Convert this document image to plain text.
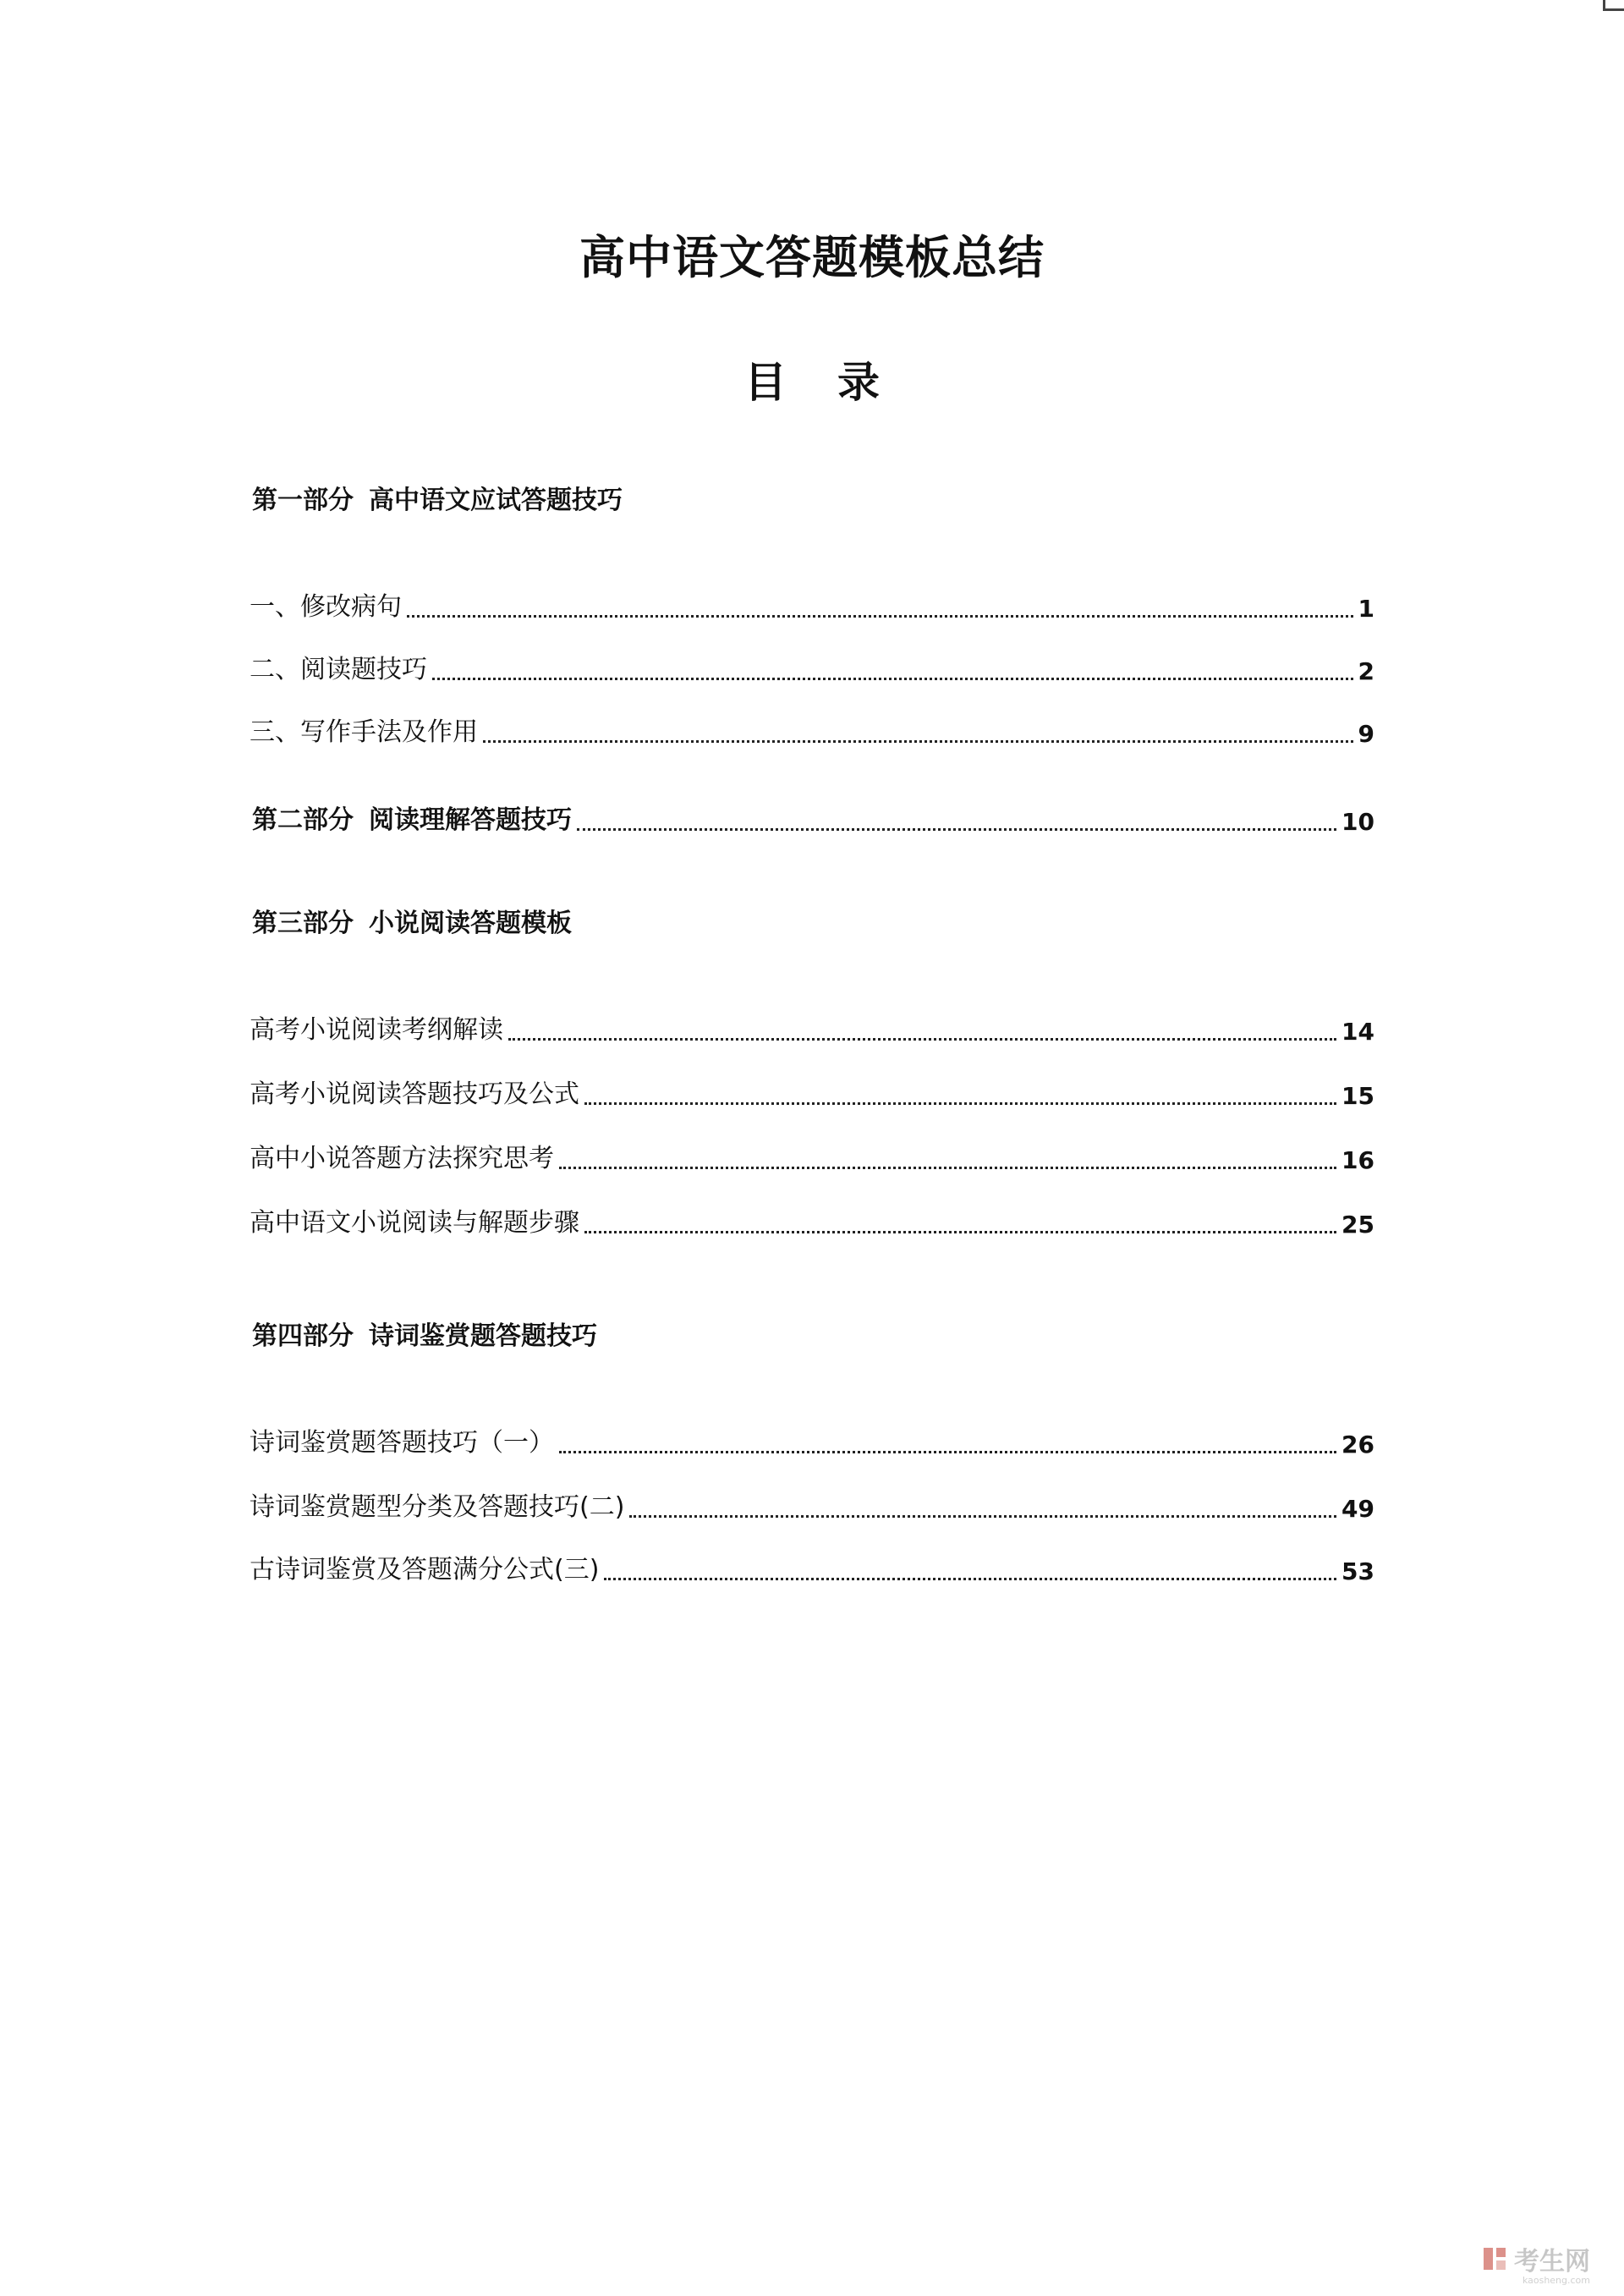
高中语文答题模板总结
目 录
第一部分 高中语文应试答题技巧
一、修改病句	1
二、阅读题技巧	2
三、写作手法及作用	9
第二部分 阅读理解答题技巧	10
第三部分 小说阅读答题模板
高考小说阅读考纲解读	14
高考小说阅读答题技巧及公式	15
高中小说答题方法探究思考	16
高中语文小说阅读与解题步骤	25
第四部分 诗词鉴赏题答题技巧
诗词鉴赏题答题技巧（一）	26
诗词鉴赏题型分类及答题技巧(二)	49
古诗词鉴赏及答题满分公式(三)	53
考生网
kaosheng.com
